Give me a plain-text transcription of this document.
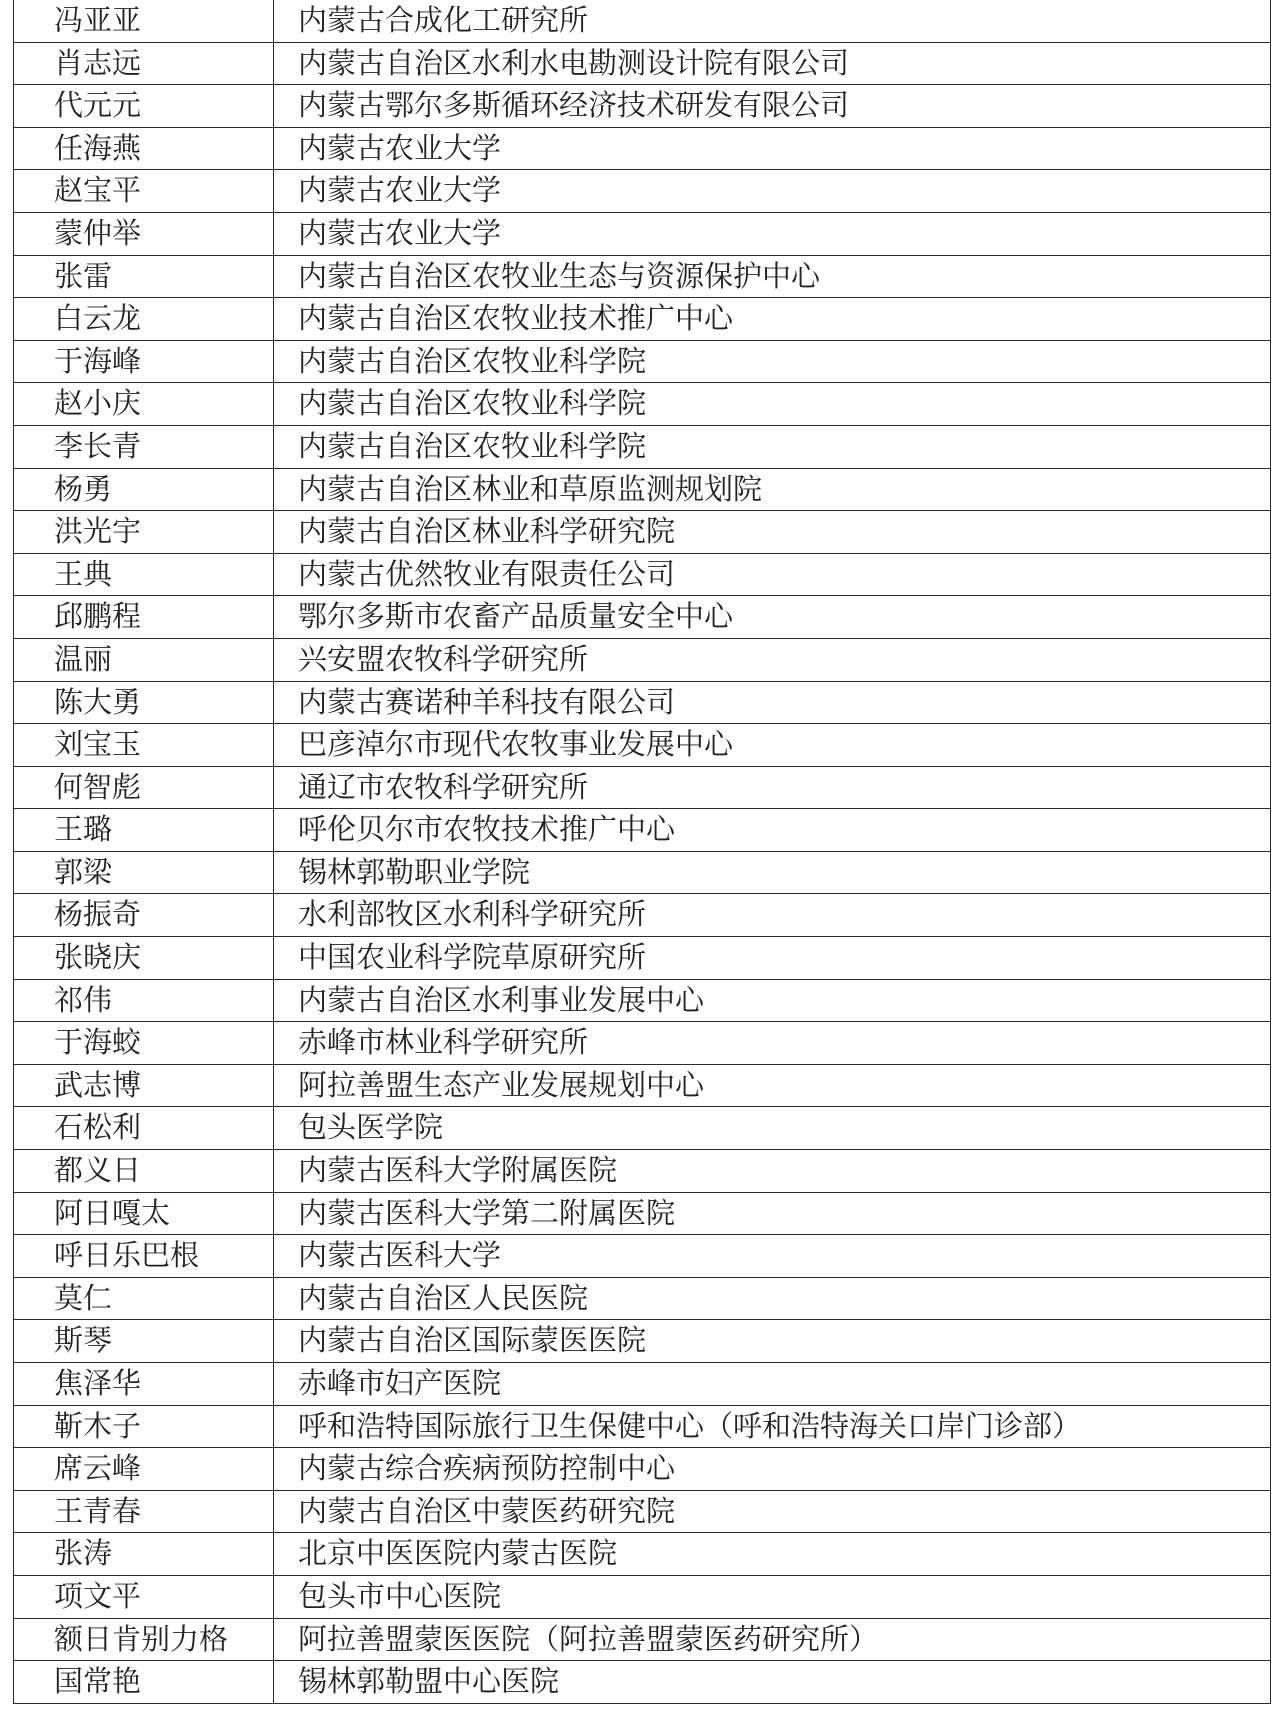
冯亚亚	内蒙古合成化工研究所
肖志远	内蒙古自治区水利水电勘测设计院有限公司
代元元	内蒙古鄂尔多斯循环经济技术研发有限公司
任海燕	内蒙古农业大学
赵宝平	内蒙古农业大学
蒙仲举	内蒙古农业大学
张雷	内蒙古自治区农牧业生态与资源保护中心
白云龙	内蒙古自治区农牧业技术推广中心
于海峰	内蒙古自治区农牧业科学院
赵小庆	内蒙古自治区农牧业科学院
李长青	内蒙古自治区农牧业科学院
杨勇	内蒙古自治区林业和草原监测规划院
洪光宇	内蒙古自治区林业科学研究院
王典	内蒙古优然牧业有限责任公司
邱鹏程	鄂尔多斯市农畜产品质量安全中心
温丽	兴安盟农牧科学研究所
陈大勇	内蒙古赛诺种羊科技有限公司
刘宝玉	巴彦淖尔市现代农牧事业发展中心
何智彪	通辽市农牧科学研究所
王璐	呼伦贝尔市农牧技术推广中心
郭梁	锡林郭勒职业学院
杨振奇	水利部牧区水利科学研究所
张晓庆	中国农业科学院草原研究所
祁伟	内蒙古自治区水利事业发展中心
于海蛟	赤峰市林业科学研究所
武志博	阿拉善盟生态产业发展规划中心
石松利	包头医学院
都义日	内蒙古医科大学附属医院
阿日嘎太	内蒙古医科大学第二附属医院
呼日乐巴根	内蒙古医科大学
莫仁	内蒙古自治区人民医院
斯琴	内蒙古自治区国际蒙医医院
焦泽华	赤峰市妇产医院
靳木子	呼和浩特国际旅行卫生保健中心（呼和浩特海关口岸门诊部）
席云峰	内蒙古综合疾病预防控制中心
王青春	内蒙古自治区中蒙医药研究院
张涛	北京中医医院内蒙古医院
项文平	包头市中心医院
额日肯别力格	阿拉善盟蒙医医院（阿拉善盟蒙医药研究所）
国常艳	锡林郭勒盟中心医院
